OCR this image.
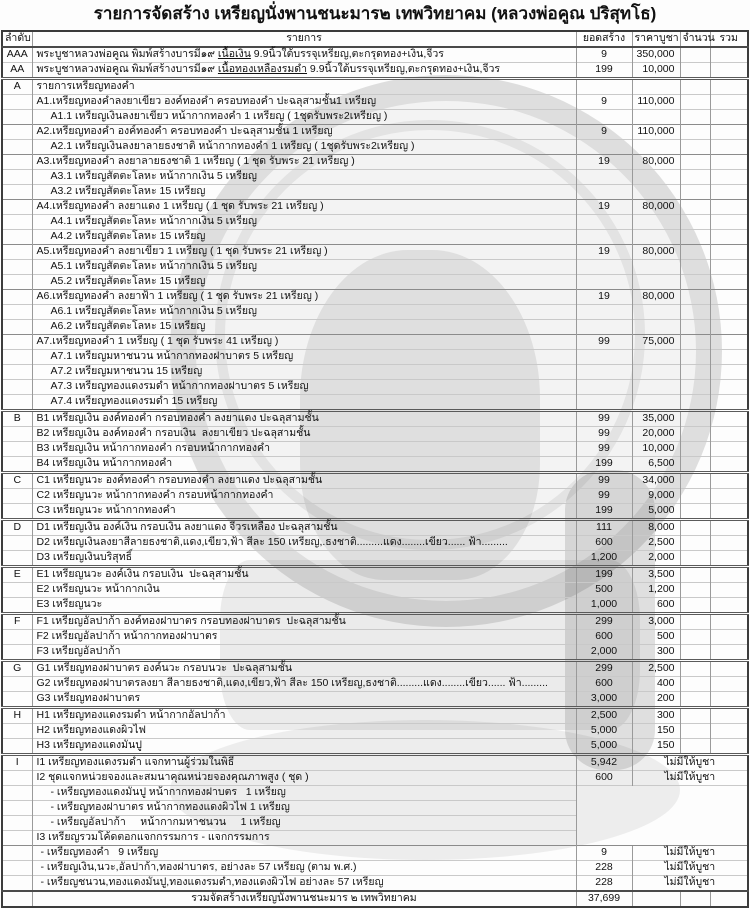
รายการจัดสร้าง เหรียญนั่งพานชนะมาร๒ เทพวิทยาคม (หลวงพ่อคูณ ปริสุทโธ)
ลำดับ	รายการ	ยอดสร้าง	ราคาบูชา	จำนวน	รวม
AAA	พระบูชาหลวงพ่อคูณ พิมพ์สร้างบารมี๑๙ เนื้อเงิน 9.9นิ้วใต้บรรจุเหรียญ,ตะกรุดทอง+เงิน,จีวร	9	350,000		
AA	พระบูชาหลวงพ่อคูณ พิมพ์สร้างบารมี๑๙ เนื้อทองเหลืองรมดำ 9.9นิ้วใต้บรรจุเหรียญ,ตะกรุดทอง+เงิน,จีวร	199	10,000		
A	รายการเหรียญทองคำ				
	A1.เหรียญทองคำลงยาเขียว องค์ทองคำ ครอบทองคำ ปะฉลุสามชั้น1 เหรียญ	9	110,000		
	A1.1 เหรียญเงินลงยาเขียว หน้ากากทองคำ 1 เหรียญ ( 1ชุดรับพระ2เหรียญ )				
	A2.เหรียญทองคำ องค์ทองคำ ครอบทองคำ ปะฉลุสามชั้น 1 เหรียญ	9	110,000		
	A2.1 เหรียญเงินลงยาลายธงชาติ หน้ากากทองคำ 1 เหรียญ ( 1ชุดรับพระ2เหรียญ )				
	A3.เหรียญทองคำ ลงยาลายธงชาติ 1 เหรียญ ( 1 ชุด รับพระ 21 เหรียญ )	19	80,000		
	A3.1 เหรียญสัตตะโลหะ หน้ากากเงิน 5 เหรียญ				
	A3.2 เหรียญสัตตะโลหะ 15 เหรียญ				
	A4.เหรียญทองคำ ลงยาแดง 1 เหรียญ ( 1 ชุด รับพระ 21 เหรียญ )	19	80,000		
	A4.1 เหรียญสัตตะโลหะ หน้ากากเงิน 5 เหรียญ				
	A4.2 เหรียญสัตตะโลหะ 15 เหรียญ				
	A5.เหรียญทองคำ ลงยาเขียว 1 เหรียญ ( 1 ชุด รับพระ 21 เหรียญ )	19	80,000		
	A5.1 เหรียญสัตตะโลหะ หน้ากากเงิน 5 เหรียญ				
	A5.2 เหรียญสัตตะโลหะ 15 เหรียญ				
	A6.เหรียญทองคำ ลงยาฟ้า 1 เหรียญ ( 1 ชุด รับพระ 21 เหรียญ )	19	80,000		
	A6.1 เหรียญสัตตะโลหะ หน้ากากเงิน 5 เหรียญ				
	A6.2 เหรียญสัตตะโลหะ 15 เหรียญ				
	A7.เหรียญทองคำ 1 เหรียญ ( 1 ชุด รับพระ 41 เหรียญ )	99	75,000		
	A7.1 เหรียญมหาชนวน หน้ากากทองฝาบาตร 5 เหรียญ				
	A7.2 เหรียญมหาชนวน 15 เหรียญ				
	A7.3 เหรียญทองแดงรมดำ หน้ากากทองฝาบาตร 5 เหรียญ				
	A7.4 เหรียญทองแดงรมดำ 15 เหรียญ				
B	B1 เหรียญเงิน องค์ทองคำ กรอบทองคำ ลงยาแดง ปะฉลุสามชั้น	99	35,000		
	B2 เหรียญเงิน องค์ทองคำ กรอบเงิน  ลงยาเขียว ปะฉลุสามชั้น	99	20,000		
	B3 เหรียญเงิน หน้ากากทองคำ กรอบหน้ากากทองคำ	99	10,000		
	B4 เหรียญเงิน หน้ากากทองคำ	199	6,500		
C	C1 เหรียญนวะ องค์ทองคำ กรอบทองคำ ลงยาแดง ปะฉลุสามชั้น	99	34,000		
	C2 เหรียญนวะ หน้ากากทองคำ กรอบหน้ากากทองคำ	99	9,000		
	C3 เหรียญนวะ หน้ากากทองคำ	199	5,000		
D	D1 เหรียญเงิน องค์เงิน กรอบเงิน ลงยาแดง จีวรเหลือง ปะฉลุสามชั้น	111	8,000		
	D2 เหรียญเงินลงยาสีลายธงชาติ,แดง,เขียว,ฟ้า สีละ 150 เหรียญ,.ธงชาติ.........แดง........เขียว...... ฟ้า.........	600	2,500		
	D3 เหรียญเงินบริสุทธิ์	1,200	2,000		
E	E1 เหรียญนวะ องค์เงิน กรอบเงิน  ปะฉลุสามชั้น	199	3,500		
	E2 เหรียญนวะ หน้ากากเงิน	500	1,200		
	E3 เหรียญนวะ	1,000	600		
F	F1 เหรียญอัลปาก้า องค์ทองฝาบาตร กรอบทองฝาบาตร  ปะฉลุสามชั้น	299	3,000		
	F2 เหรียญอัลปาก้า หน้ากากทองฝาบาตร	600	500		
	F3 เหรียญอัลปาก้า	2,000	300		
G	G1 เหรียญทองฝาบาตร องค์นวะ กรอบนวะ  ปะฉลุสามชั้น	299	2,500		
	G2 เหรียญทองฝาบาตรลงยา สีลายธงชาติ,แดง,เขียว,ฟ้า สีละ 150 เหรียญ,ธงชาติ.........แดง........เขียว...... ฟ้า.........	600	400		
	G3 เหรียญทองฝาบาตร	3,000	200		
H	H1 เหรียญทองแดงรมดำ หน้ากากอัลปาก้า	2,500	300		
	H2 เหรียญทองแดงผิวไฟ	5,000	150		
	H3 เหรียญทองแดงมันปู	5,000	150		
I	I1 เหรียญทองแดงรมดำ แจกทานผู้ร่วมในพิธี	5,942	ไม่มีให้บูชา		
	I2 ชุดแจกหน่วยจองและสมนาคุณหน่วยจองคุณภาพสูง ( ชุด )	600	ไม่มีให้บูชา		
	- เหรียญทองแดงมันปู หน้ากากทองฝาบตร   1 เหรียญ				
	- เหรียญทองฝาบาตร หน้ากากทองแดงผิวไฟ 1 เหรียญ				
	- เหรียญอัลปาก้า     หน้ากากมหาชนวน     1 เหรียญ				
	I3 เหรียญรวมโค้ดตอกแจกกรรมการ - แจกกรรมการ				
	- เหรียญทองคำ   9 เหรียญ	9	ไม่มีให้บูชา		
	- เหรียญเงิน,นวะ,อัลปาก้า,ทองฝาบาตร, อย่างละ 57 เหรียญ (ตาม พ.ศ.)	228	ไม่มีให้บูชา		
	- เหรียญชนวน,ทองแดงมันปู,ทองแดงรมดำ,ทองแดงผิวไฟ อย่างละ 57 เหรียญ	228	ไม่มีให้บูชา		
	รวมจัดสร้างเหรียญนั่งพานชนะมาร ๒ เทพวิทยาคม	37,699			
